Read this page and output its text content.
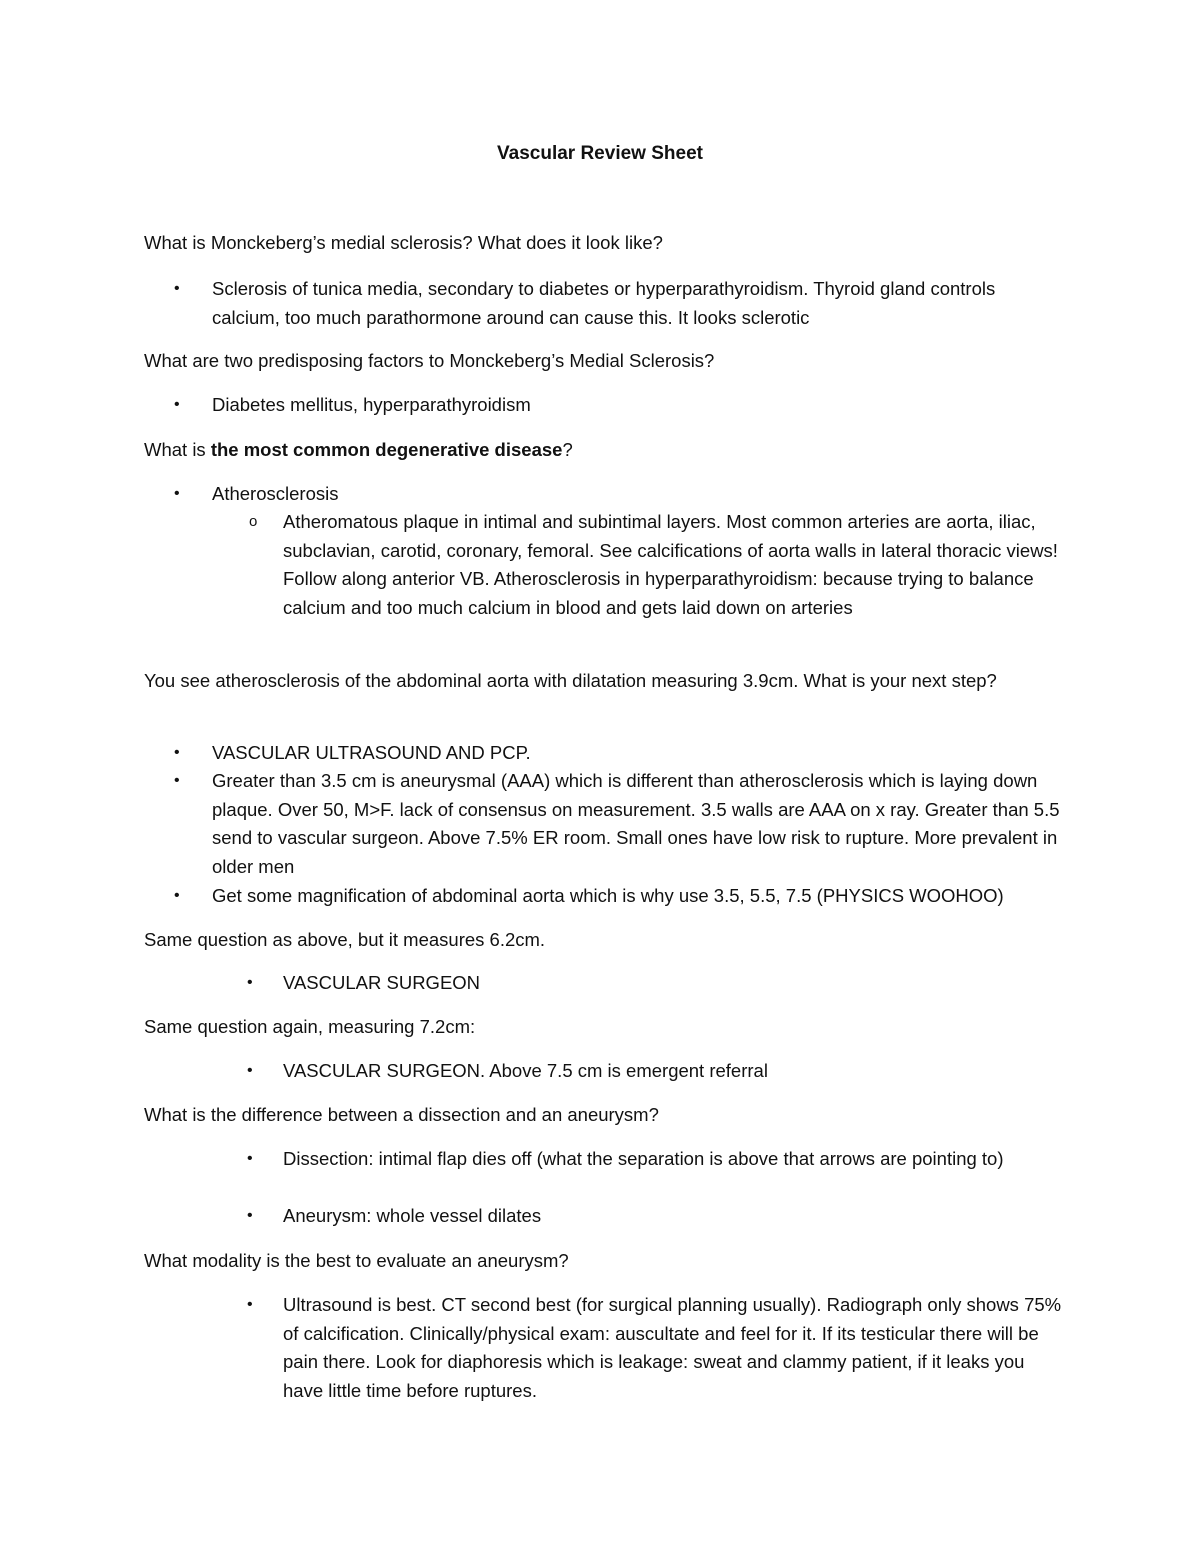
Vascular Review Sheet

What is Monckeberg’s medial sclerosis? What does it look like?

• Sclerosis of tunica media, secondary to diabetes or hyperparathyroidism. Thyroid gland controls calcium, too much parathormone around can cause this. It looks sclerotic

What are two predisposing factors to Monckeberg’s Medial Sclerosis?

• Diabetes mellitus, hyperparathyroidism

What is the most common degenerative disease?

• Atherosclerosis
o Atheromatous plaque in intimal and subintimal layers. Most common arteries are aorta, iliac, subclavian, carotid, coronary, femoral. See calcifications of aorta walls in lateral thoracic views! Follow along anterior VB. Atherosclerosis in hyperparathyroidism: because trying to balance calcium and too much calcium in blood and gets laid down on arteries

You see atherosclerosis of the abdominal aorta with dilatation measuring 3.9cm. What is your next step?

• VASCULAR ULTRASOUND AND PCP.
• Greater than 3.5 cm is aneurysmal (AAA) which is different than atherosclerosis which is laying down plaque. Over 50, M>F. lack of consensus on measurement. 3.5 walls are AAA on x ray. Greater than 5.5 send to vascular surgeon. Above 7.5% ER room. Small ones have low risk to rupture. More prevalent in older men
• Get some magnification of abdominal aorta which is why use 3.5, 5.5, 7.5 (PHYSICS WOOHOO)

Same question as above, but it measures 6.2cm.

• VASCULAR SURGEON

Same question again, measuring 7.2cm:

• VASCULAR SURGEON. Above 7.5 cm is emergent referral

What is the difference between a dissection and an aneurysm?

• Dissection: intimal flap dies off (what the separation is above that arrows are pointing to)
• Aneurysm: whole vessel dilates

What modality is the best to evaluate an aneurysm?

• Ultrasound is best. CT second best (for surgical planning usually). Radiograph only shows 75% of calcification. Clinically/physical exam: auscultate and feel for it. If its testicular there will be pain there. Look for diaphoresis which is leakage: sweat and clammy patient, if it leaks you have little time before ruptures.
